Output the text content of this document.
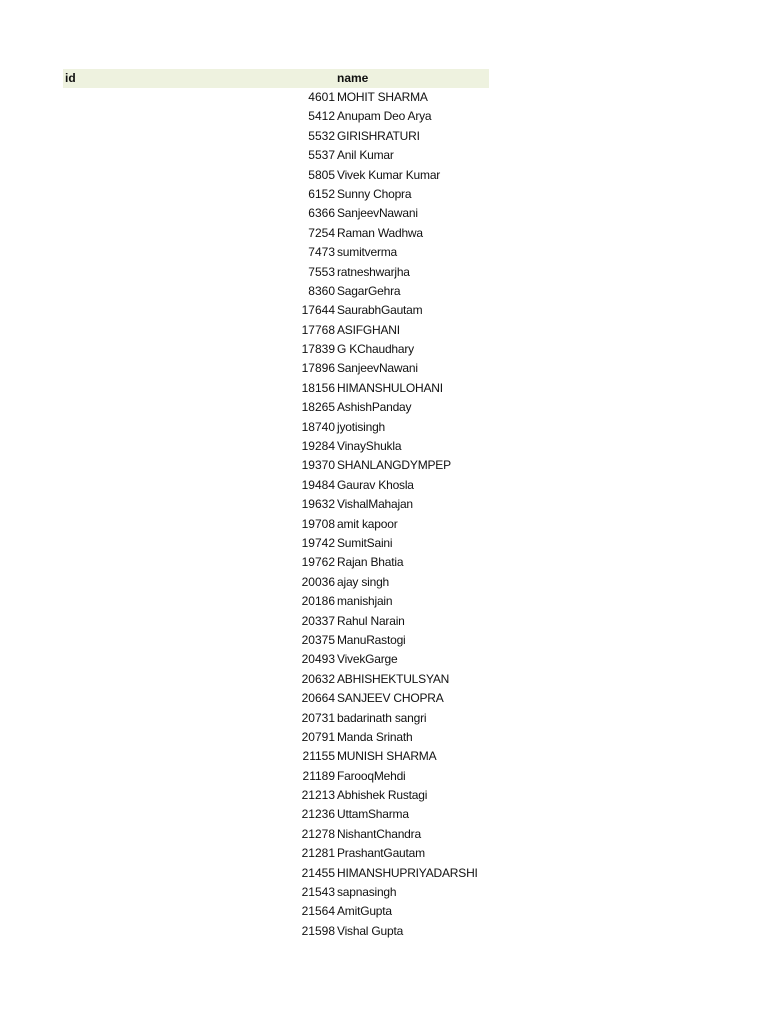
id	name
4601 MOHIT SHARMA
5412 Anupam Deo Arya
5532 GIRISHRATURI
5537 Anil Kumar
5805 Vivek Kumar Kumar
6152 Sunny Chopra
6366 SanjeevNawani
7254 Raman Wadhwa
7473 sumitverma
7553 ratneshwarjha
8360 SagarGehra
17644 SaurabhGautam
17768 ASIFGHANI
17839 G KChaudhary
17896 SanjeevNawani
18156 HIMANSHULOHANI
18265 AshishPanday
18740 jyotisingh
19284 VinayShukla
19370 SHANLANGDYMPEP
19484 Gaurav Khosla
19632 VishalMahajan
19708 amit kapoor
19742 SumitSaini
19762 Rajan Bhatia
20036 ajay singh
20186 manishjain
20337 Rahul Narain
20375 ManuRastogi
20493 VivekGarge
20632 ABHISHEKTULSYAN
20664 SANJEEV CHOPRA
20731 badarinath sangri
20791 Manda Srinath
21155 MUNISH SHARMA
21189 FarooqMehdi
21213 Abhishek Rustagi
21236 UttamSharma
21278 NishantChandra
21281 PrashantGautam
21455 HIMANSHUPRIYADARSHI
21543 sapnasingh
21564 AmitGupta
21598 Vishal Gupta
